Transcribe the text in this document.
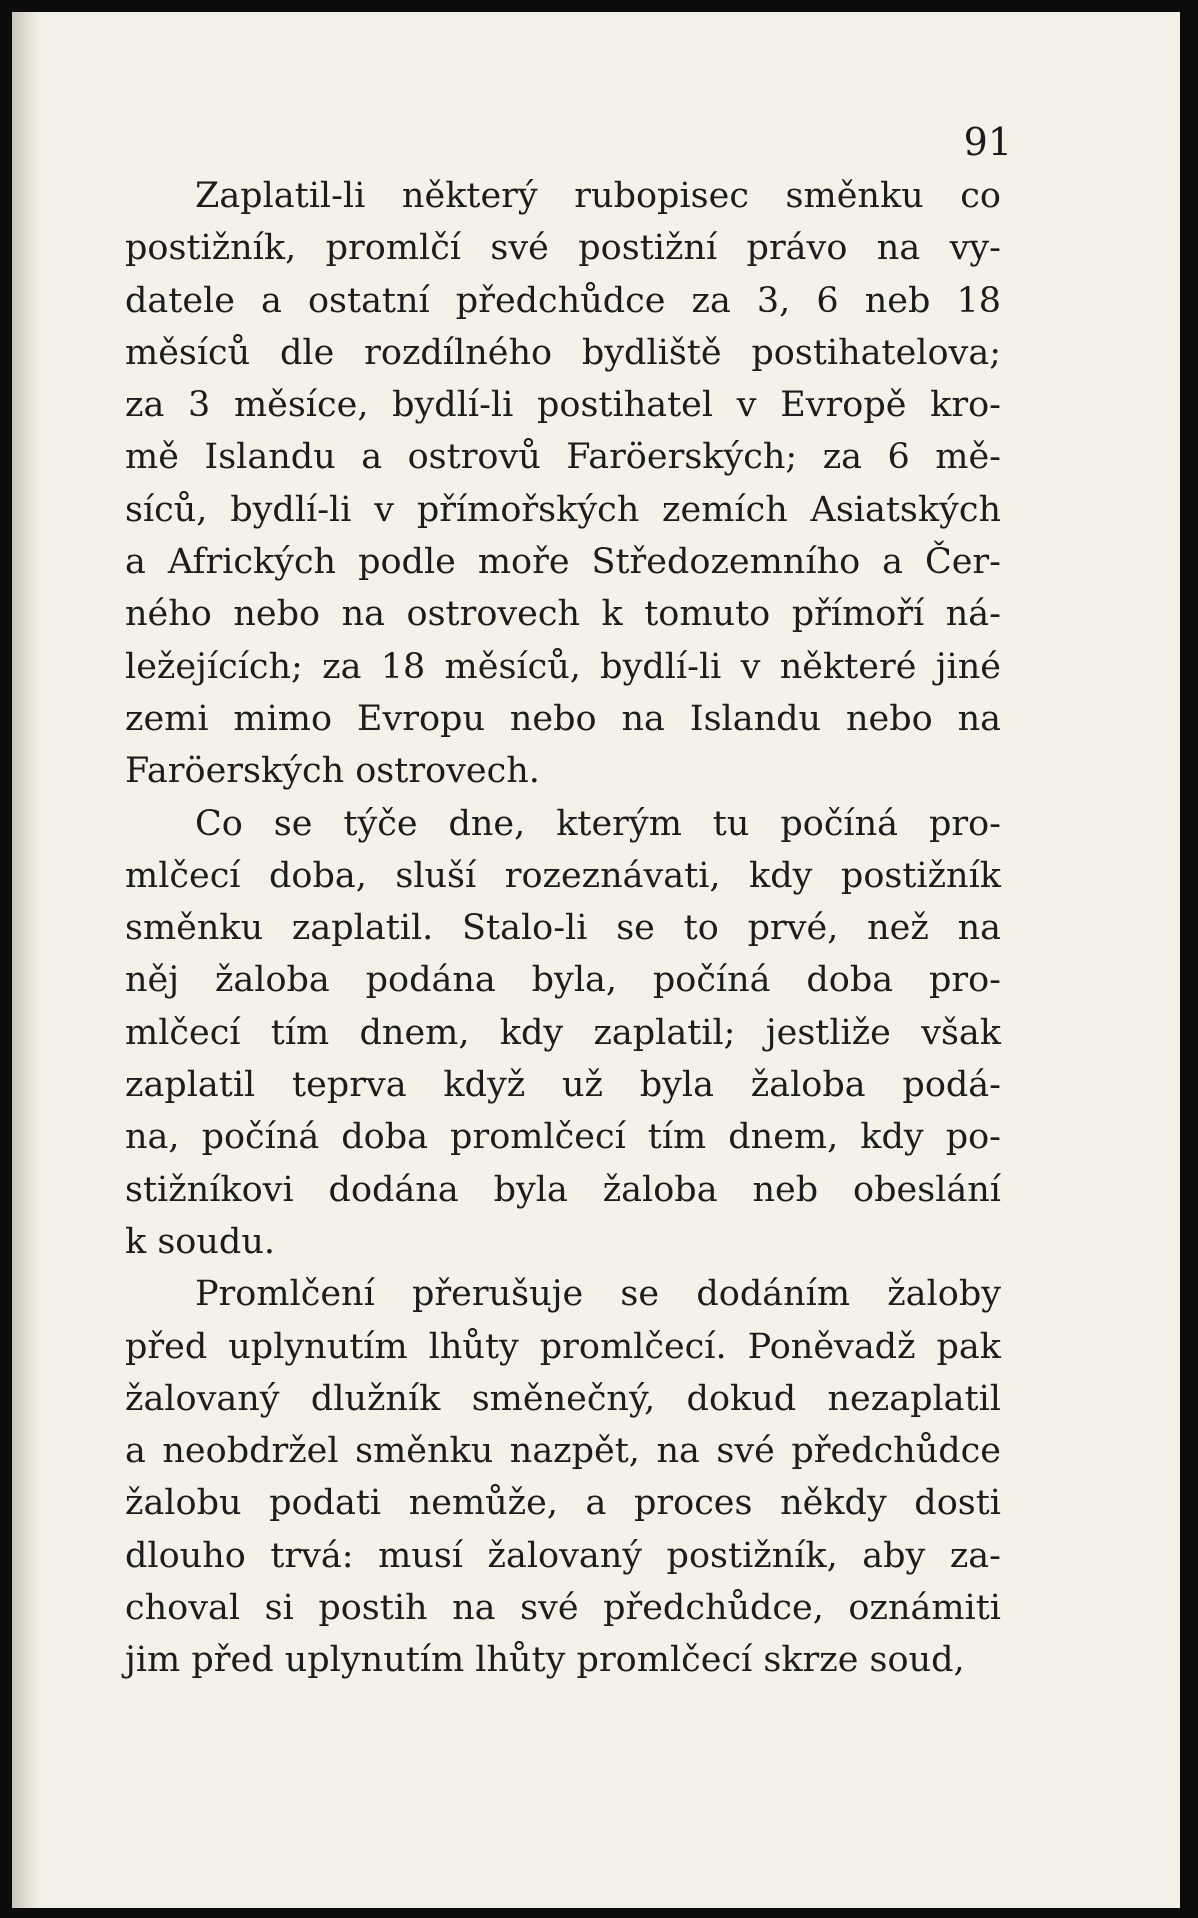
91
Zaplatil-li některý rubopisec směnku co
postižník, promlčí své postižní právo na vy-
datele a ostatní předchůdce za 3, 6 neb 18
měsíců dle rozdílného bydliště postihatelova;
za 3 měsíce, bydlí-li postihatel v Evropě kro-
mě Islandu a ostrovů Faröerských; za 6 mě-
síců, bydlí-li v přímořských zemích Asiatských
a Afrických podle moře Středozemního a Čer-
ného nebo na ostrovech k tomuto přímoří ná-
ležejících; za 18 měsíců, bydlí-li v některé jiné
zemi mimo Evropu nebo na Islandu nebo na
Faröerských ostrovech.
Co se týče dne, kterým tu počíná pro-
mlčecí doba, sluší rozeznávati, kdy postižník
směnku zaplatil. Stalo-li se to prvé, než na
něj žaloba podána byla, počíná doba pro-
mlčecí tím dnem, kdy zaplatil; jestliže však
zaplatil teprva když už byla žaloba podá-
na, počíná doba promlčecí tím dnem, kdy po-
stižníkovi dodána byla žaloba neb obeslání
k soudu.
Promlčení přerušuje se dodáním žaloby
před uplynutím lhůty promlčecí. Poněvadž pak
žalovaný dlužník směnečný, dokud nezaplatil
a neobdržel směnku nazpět, na své předchůdce
žalobu podati nemůže, a proces někdy dosti
dlouho trvá: musí žalovaný postižník, aby za-
choval si postih na své předchůdce, oznámiti
jim před uplynutím lhůty promlčecí skrze soud,
